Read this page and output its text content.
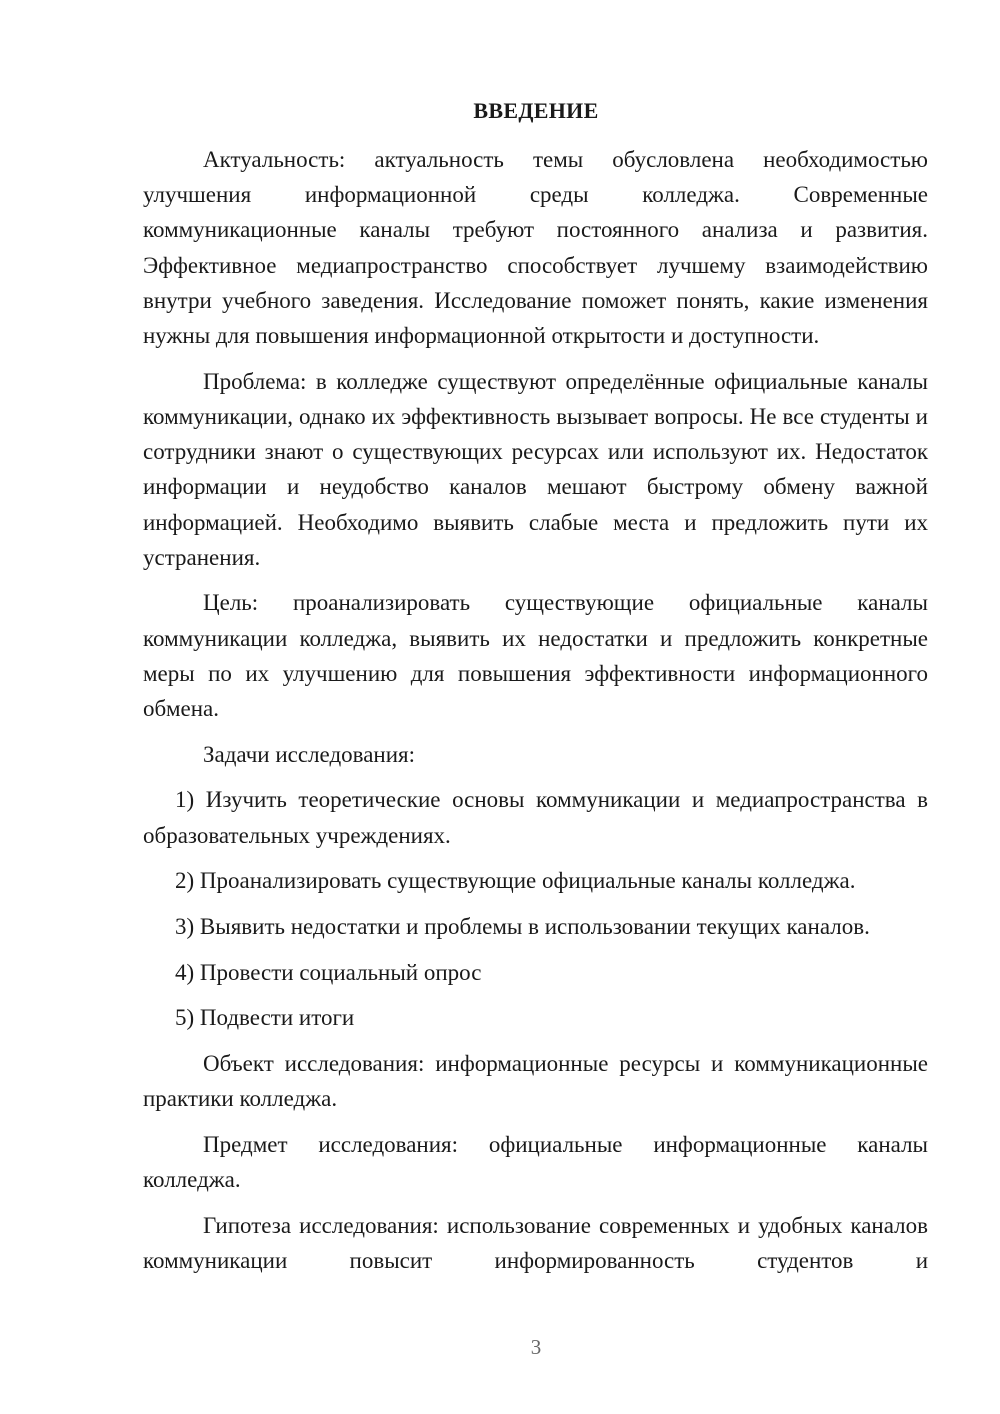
ВВЕДЕНИЕ

Актуальность: актуальность темы обусловлена необходимостью улучшения информационной среды колледжа. Современные коммуникационные каналы требуют постоянного анализа и развития. Эффективное медиапространство способствует лучшему взаимодействию внутри учебного заведения. Исследование поможет понять, какие изменения нужны для повышения информационной открытости и доступности.

Проблема: в колледже существуют определённые официальные каналы коммуникации, однако их эффективность вызывает вопросы. Не все студенты и сотрудники знают о существующих ресурсах или используют их. Недостаток информации и неудобство каналов мешают быстрому обмену важной информацией. Необходимо выявить слабые места и предложить пути их устранения.

Цель: проанализировать существующие официальные каналы коммуникации колледжа, выявить их недостатки и предложить конкретные меры по их улучшению для повышения эффективности информационного обмена.

Задачи исследования:

1) Изучить теоретические основы коммуникации и медиапространства в образовательных учреждениях.

2) Проанализировать существующие официальные каналы колледжа.

3) Выявить недостатки и проблемы в использовании текущих каналов.

4) Провести социальный опрос

5) Подвести итоги

Объект исследования: информационные ресурсы и коммуникационные практики колледжа.

Предмет исследования: официальные информационные каналы колледжа.

Гипотеза исследования: использование современных и удобных каналов коммуникации повысит информированность студентов и

3
